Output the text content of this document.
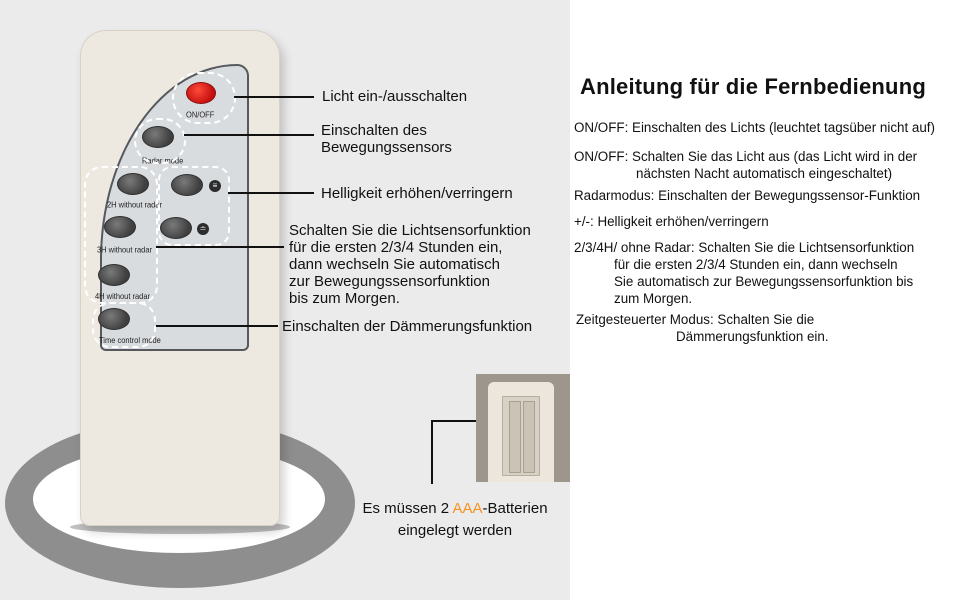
ON/OFF
Radar mode
2H without radar
3H without radar
4H without radar
≡
≐
Time control mode
Licht ein-/ausschalten
Einschalten des
Bewegungssensors
Helligkeit erhöhen/verringern
Schalten Sie die Lichtsensorfunktion
für die ersten 2/3/4 Stunden ein,
dann wechseln Sie automatisch
zur Bewegungssensorfunktion
bis zum Morgen.
Einschalten der Dämmerungsfunktion
Es müssen 2 AAA-Batterien
eingelegt werden
Anleitung für die Fernbedienung
ON/OFF: Einschalten des Lichts (leuchtet tagsüber nicht auf)
ON/OFF: Schalten Sie das Licht aus (das Licht wird in der
nächsten Nacht automatisch eingeschaltet)
Radarmodus: Einschalten der Bewegungssensor-Funktion
+/-: Helligkeit erhöhen/verringern
2/3/4H/ ohne Radar: Schalten Sie die Lichtsensorfunktion
für die ersten 2/3/4 Stunden ein, dann wechseln
Sie automatisch zur Bewegungssensorfunktion bis
zum Morgen.
Zeitgesteuerter Modus: Schalten Sie die
Dämmerungsfunktion ein.
